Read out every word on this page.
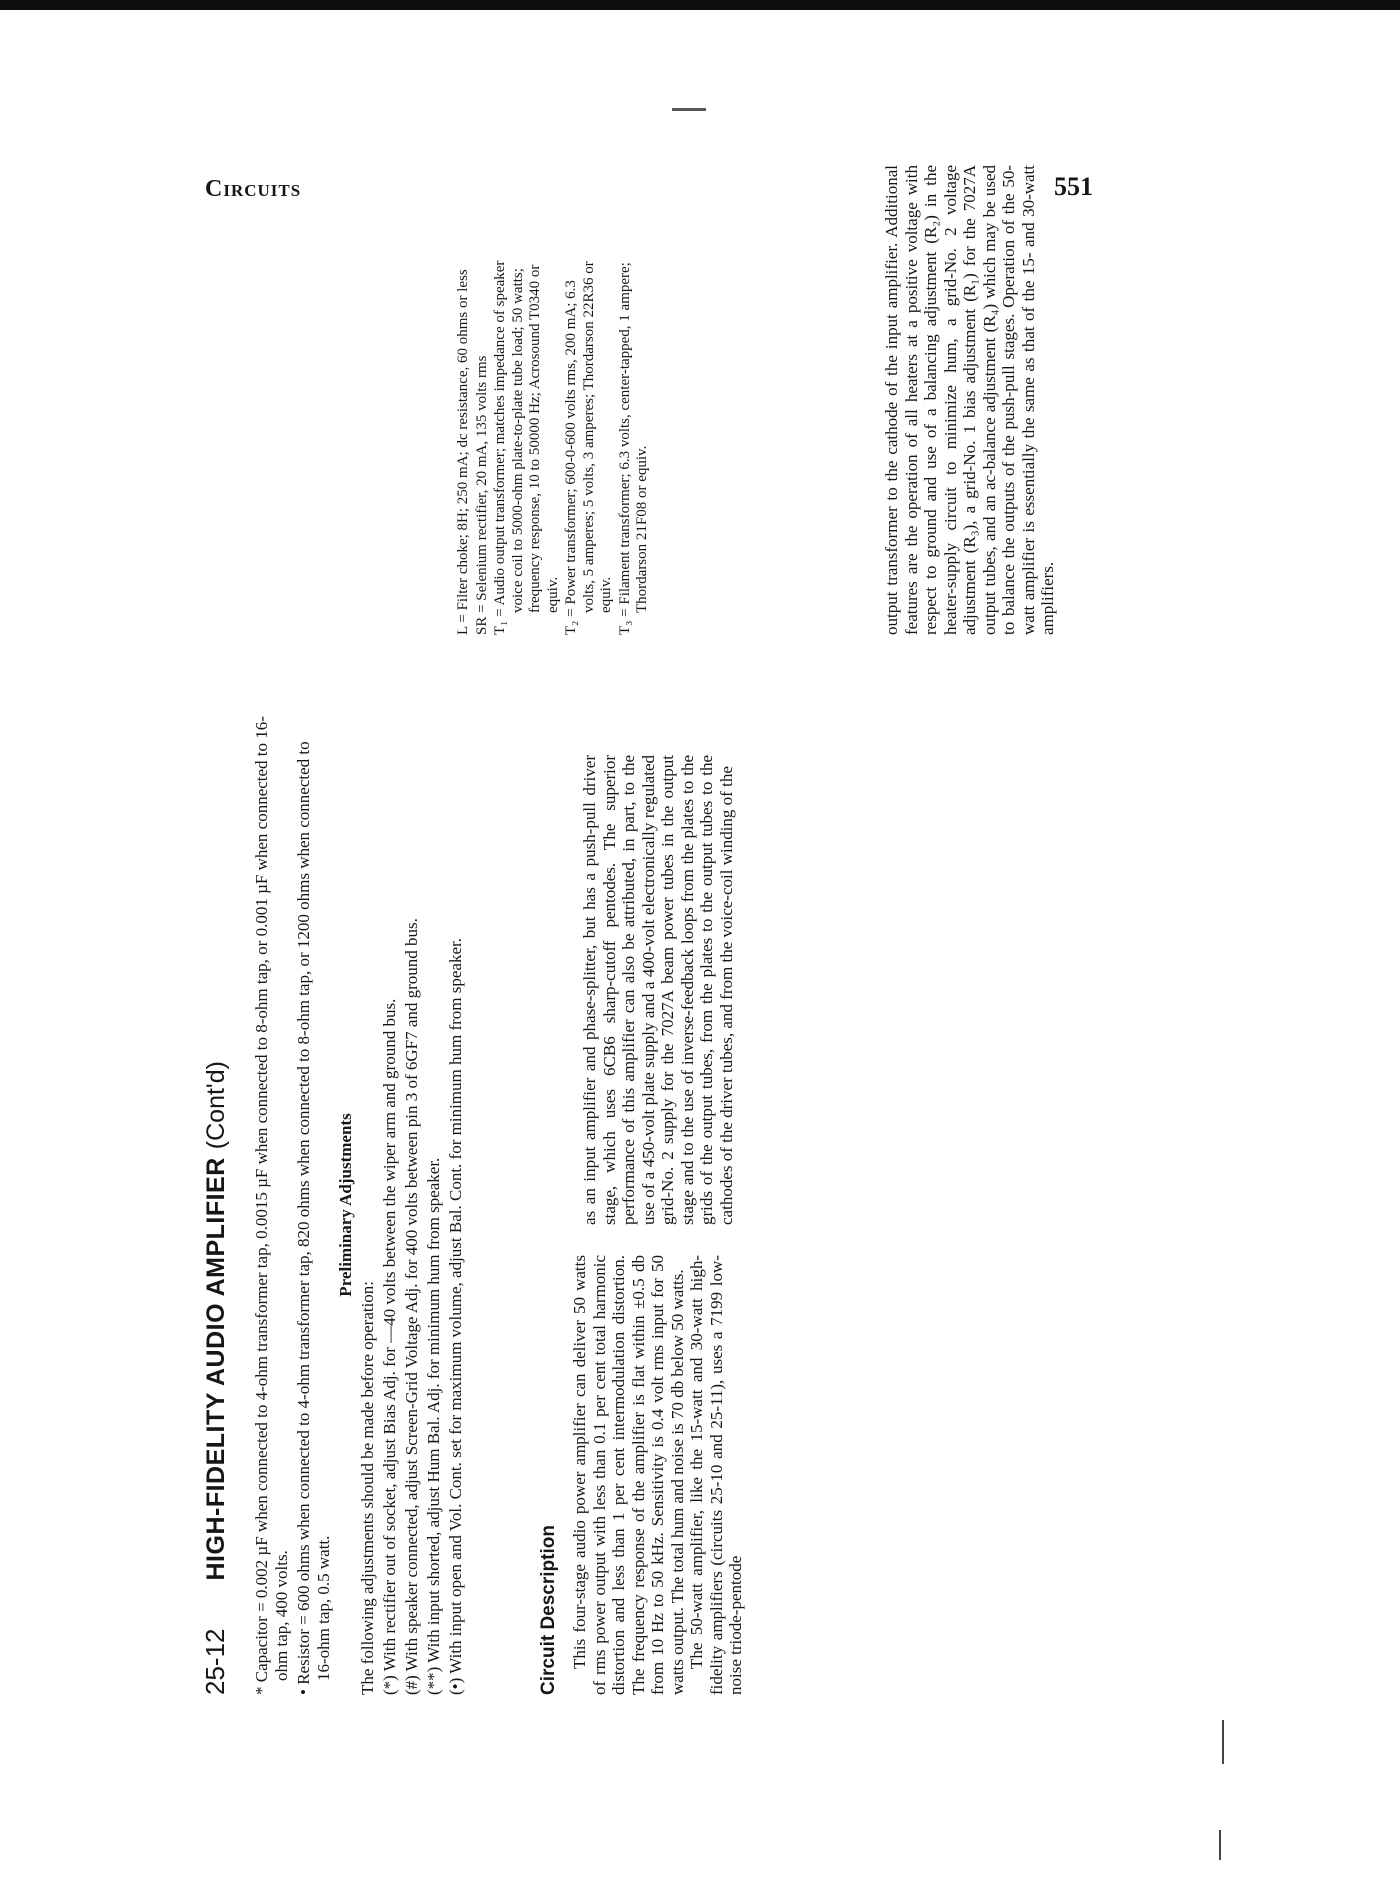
Circuits	551
25-12HIGH-FIDELITY AUDIO AMPLIFIER(Cont'd)	* Capacitor = 0.002 µF when connected to 4-ohm transformer tap, 0.0015 µF when connected to 8-ohm tap, or 0.001 µF when connected to 16-ohm tap, 400 volts. • Resistor = 600 ohms when connected to 4-ohm transformer tap, 820 ohms when connected to 8-ohm tap, or 1200 ohms when connected to 16-ohm tap, 0.5 watt.

Preliminary Adjustments

The following adjustments should be made before operation: (*) With rectifier out of socket, adjust Bias Adj. for —40 volts between the wiper arm and ground bus.

(#) With speaker connected, adjust Screen-Grid Voltage Adj. for 400 volts between pin 3 of 6GF7 and ground bus.

(**) With input shorted, adjust Hum Bal. Adj. for minimum hum from speaker.

(•) With input open and Vol. Cont. set for maximum volume, adjust Bal. Cont. for minimum hum from speaker.

L = Filter choke; 8H; 250 mA; dc resistance, 60 ohms or less SR = Selenium rectifier, 20 mA, 135 volts rms T₁ = Audio output transformer; matches impedance of speaker voice coil to 5000-ohm plate-to-plate tube load; 50 watts; frequency response, 10 to 50000 Hz; Acrosound T0340 or equiv. T₂ = Power transformer; 600-0-600 volts rms, 200 mA; 6.3 volts, 5 amperes; 5 volts, 3 amperes; Thordarson 22R36 or equiv. T₃ = Filament transformer; 6.3 volts, center-tapped, 1 ampere; Thordarson 21F08 or equiv.

Circuit Description This four-stage audio power amplifier can deliver 50 watts of rms power output with less than 0.1 per cent total harmonic distortion and less than 1 per cent intermodulation distortion. The frequency response of the amplifier is flat within ±0.5 db from 10 Hz to 50 kHz. Sensitivity is 0.4 volt rms input for 50 watts output. The total hum and noise is 70 db below 50 watts. The 50-watt amplifier, like the 15-watt and 30-watt high-fidelity amplifiers (circuits 25-10 and 25-11), uses a 7199 low-noise triode-pentode

as an input amplifier and phase-splitter, but has a push-pull driver stage, which uses 6CB6 sharp-cutoff pentodes. The superior performance of this amplifier can also be attributed, in part, to the use of a 450-volt plate supply and a 400-volt electronically regulated grid-No. 2 supply for the 7027A beam power tubes in the output stage and to the use of inverse-feedback loops from the plates to the grids of the output tubes, from the plates to the output tubes to the cathodes of the driver tubes, and from the voice-coil winding of the

output transformer to the cathode of the input amplifier. Additional features are the operation of all heaters at a positive voltage with respect to ground and use of a balancing adjustment (R₂) in the heater-supply circuit to minimize hum, a grid-No. 2 voltage adjustment (R₃), a grid-No. 1 bias adjustment (R₁) for the 7027A output tubes, and an ac-balance adjustment (R₄) which may be used to balance the outputs of the push-pull stages. Operation of the 50-watt amplifier is essentially the same as that of the 15- and 30-watt amplifiers.
